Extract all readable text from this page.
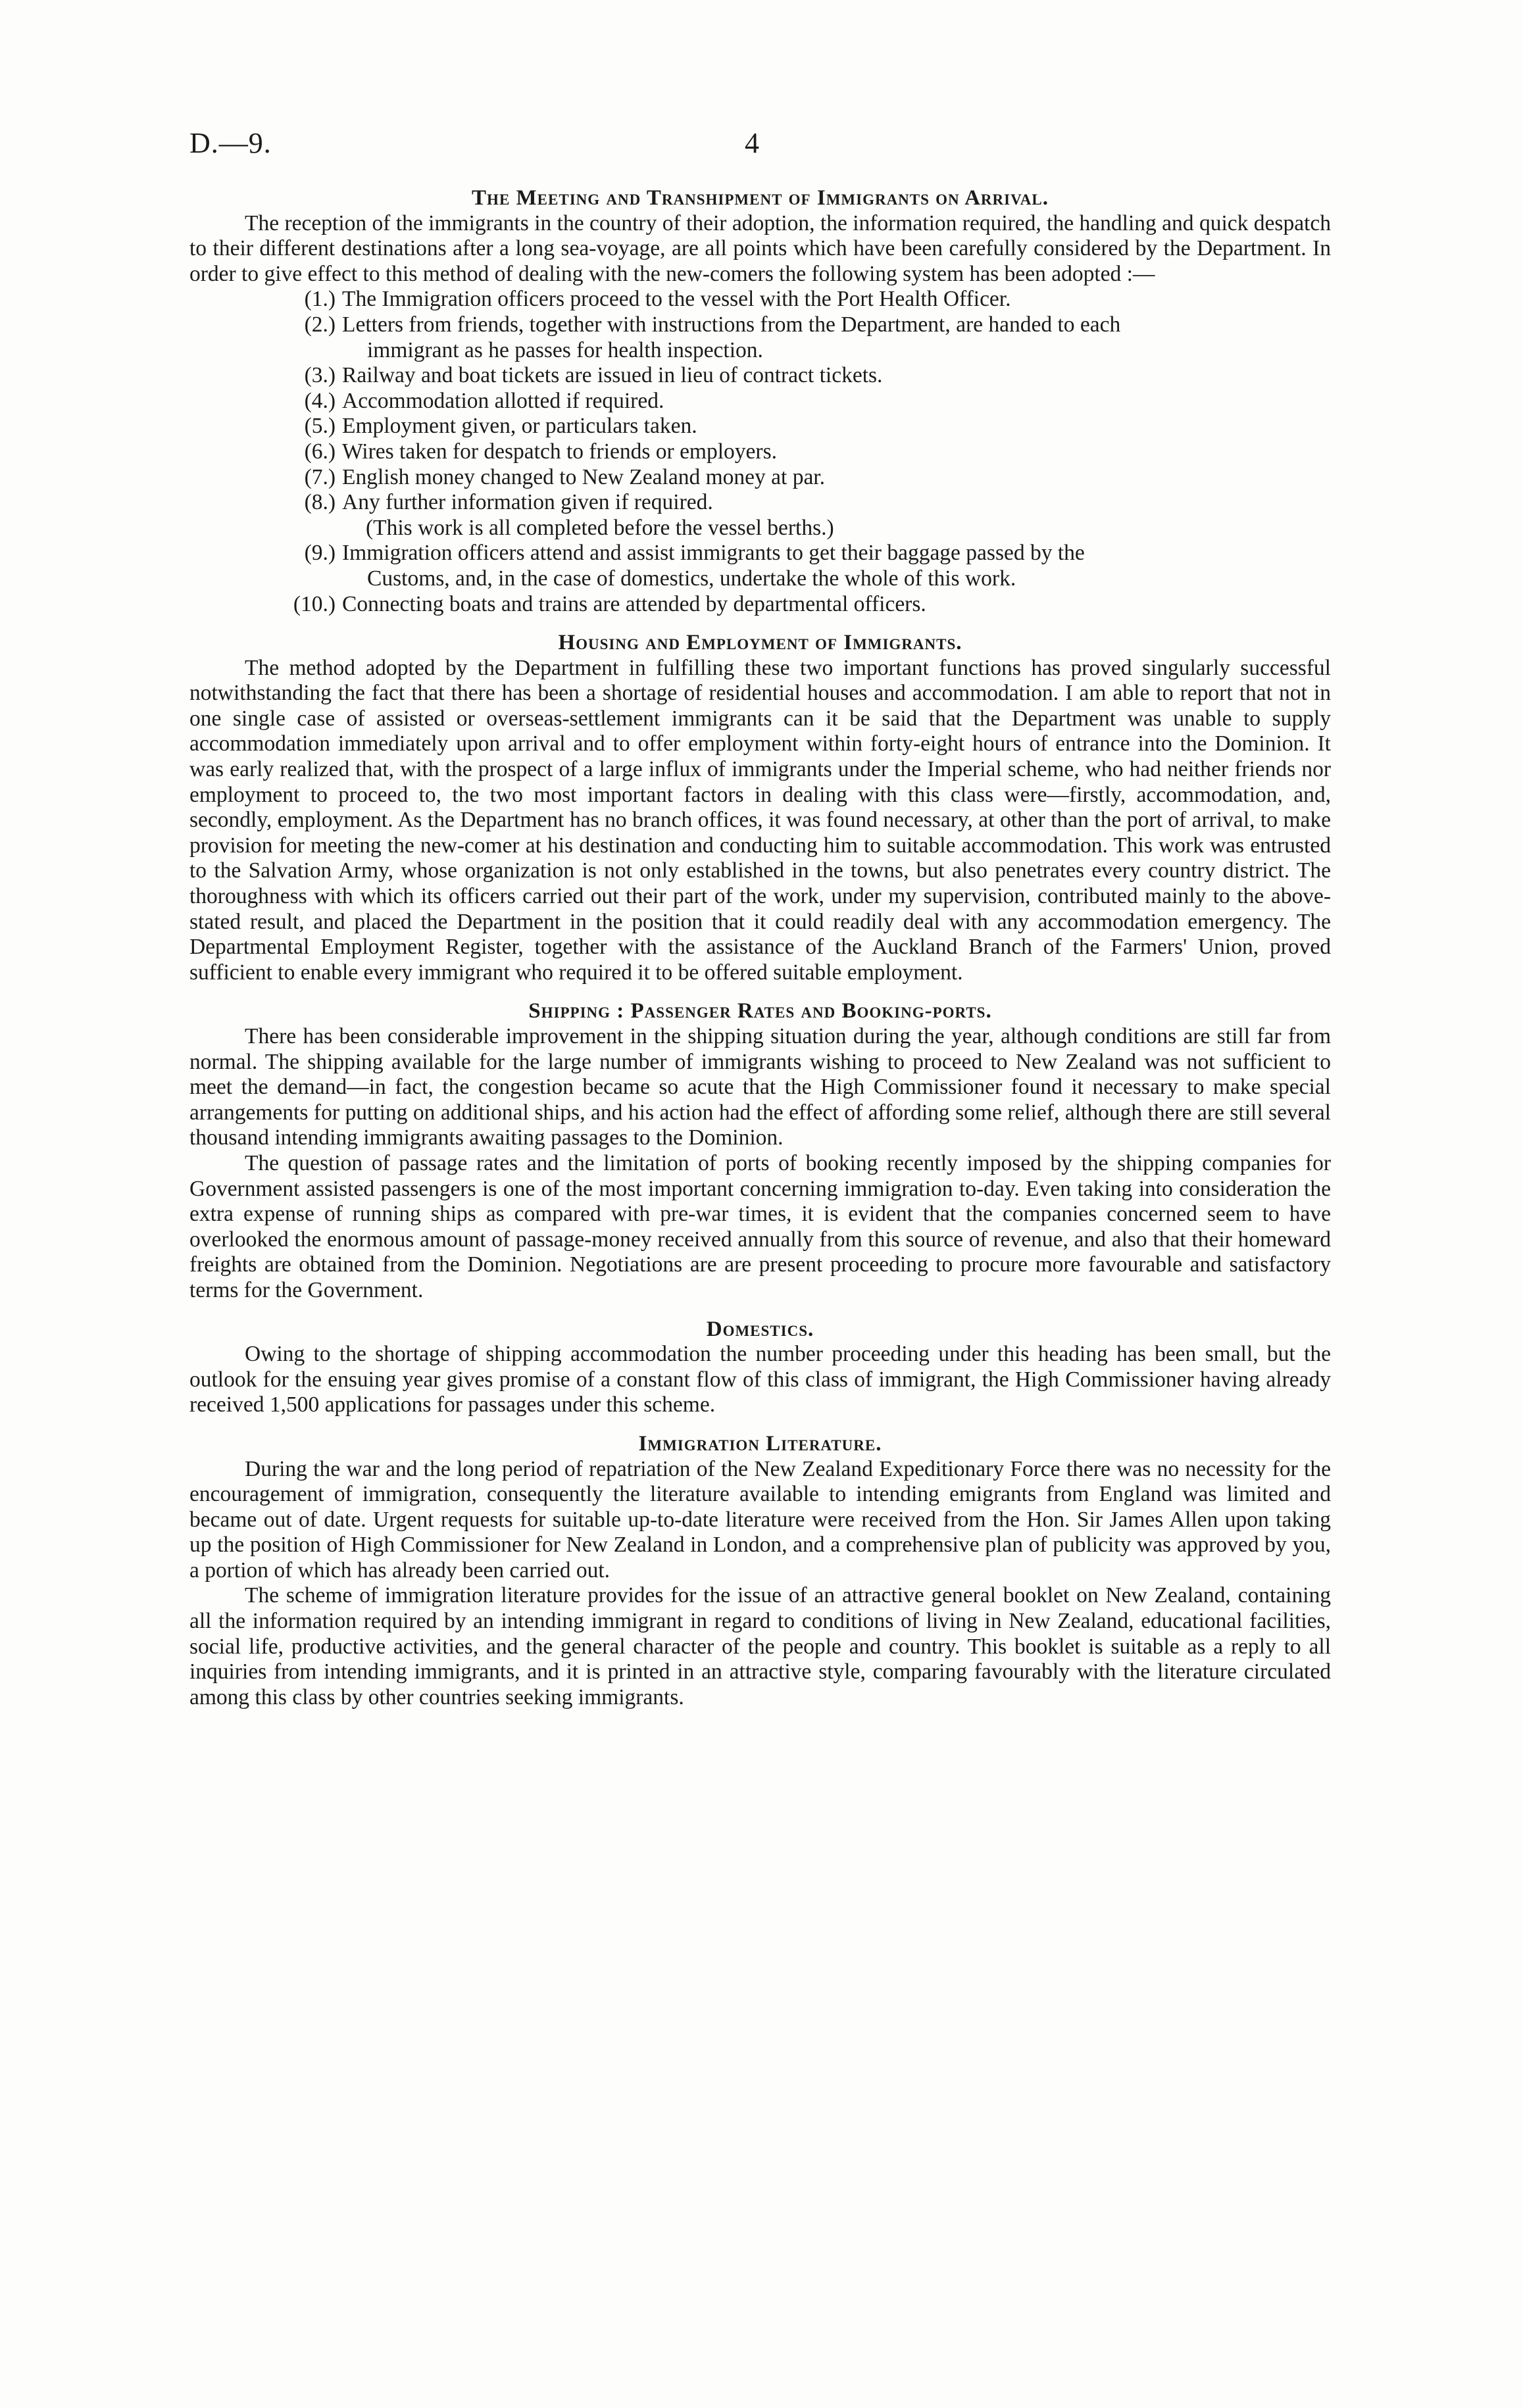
D.—9.	4
The Meeting and Transhipment of Immigrants on Arrival.

The reception of the immigrants in the country of their adoption, the information required, the handling and quick despatch to their different destinations after a long sea-voyage, are all points which have been carefully considered by the Department. In order to give effect to this method of dealing with the new-comers the following system has been adopted :—

(1.) The Immigration officers proceed to the vessel with the Port Health Officer.
(2.) Letters from friends, together with instructions from the Department, are handed to each
immigrant as he passes for health inspection.
(3.) Railway and boat tickets are issued in lieu of contract tickets.
(4.) Accommodation allotted if required.
(5.) Employment given, or particulars taken.
(6.) Wires taken for despatch to friends or employers.
(7.) English money changed to New Zealand money at par.
(8.) Any further information given if required.
(This work is all completed before the vessel berths.)
(9.) Immigration officers attend and assist immigrants to get their baggage passed by the
Customs, and, in the case of domestics, undertake the whole of this work.
(10.) Connecting boats and trains are attended by departmental officers.
Housing and Employment of Immigrants.

The method adopted by the Department in fulfilling these two important functions has proved singularly successful notwithstanding the fact that there has been a shortage of residential houses and accommodation. I am able to report that not in one single case of assisted or overseas-settlement immigrants can it be said that the Department was unable to supply accommodation immediately upon arrival and to offer employment within forty-eight hours of entrance into the Dominion. It was early realized that, with the prospect of a large influx of immigrants under the Imperial scheme, who had neither friends nor employment to proceed to, the two most important factors in dealing with this class were—firstly, accommodation, and, secondly, employment. As the Department has no branch offices, it was found necessary, at other than the port of arrival, to make provision for meeting the new-comer at his destination and conducting him to suitable accommodation. This work was entrusted to the Salvation Army, whose organization is not only established in the towns, but also penetrates every country district. The thoroughness with which its officers carried out their part of the work, under my supervision, contributed mainly to the above-stated result, and placed the Department in the position that it could readily deal with any accommodation emergency. The Departmental Employment Register, together with the assistance of the Auckland Branch of the Farmers' Union, proved sufficient to enable every immigrant who required it to be offered suitable employment.

Shipping : Passenger Rates and Booking-ports.

There has been considerable improvement in the shipping situation during the year, although conditions are still far from normal. The shipping available for the large number of immigrants wishing to proceed to New Zealand was not sufficient to meet the demand—in fact, the congestion became so acute that the High Commissioner found it necessary to make special arrangements for putting on additional ships, and his action had the effect of affording some relief, although there are still several thousand intending immigrants awaiting passages to the Dominion.

The question of passage rates and the limitation of ports of booking recently imposed by the shipping companies for Government assisted passengers is one of the most important concerning immigration to-day. Even taking into consideration the extra expense of running ships as compared with pre-war times, it is evident that the companies concerned seem to have overlooked the enormous amount of passage-money received annually from this source of revenue, and also that their homeward freights are obtained from the Dominion. Negotiations are are present proceeding to procure more favourable and satisfactory terms for the Government.

Domestics.

Owing to the shortage of shipping accommodation the number proceeding under this heading has been small, but the outlook for the ensuing year gives promise of a constant flow of this class of immigrant, the High Commissioner having already received 1,500 applications for passages under this scheme.

Immigration Literature.

During the war and the long period of repatriation of the New Zealand Expeditionary Force there was no necessity for the encouragement of immigration, consequently the literature available to intending emigrants from England was limited and became out of date. Urgent requests for suitable up-to-date literature were received from the Hon. Sir James Allen upon taking up the position of High Commissioner for New Zealand in London, and a comprehensive plan of publicity was approved by you, a portion of which has already been carried out.

The scheme of immigration literature provides for the issue of an attractive general booklet on New Zealand, containing all the information required by an intending immigrant in regard to conditions of living in New Zealand, educational facilities, social life, productive activities, and the general character of the people and country. This booklet is suitable as a reply to all inquiries from intending immigrants, and it is printed in an attractive style, comparing favourably with the literature circulated among this class by other countries seeking immigrants.
